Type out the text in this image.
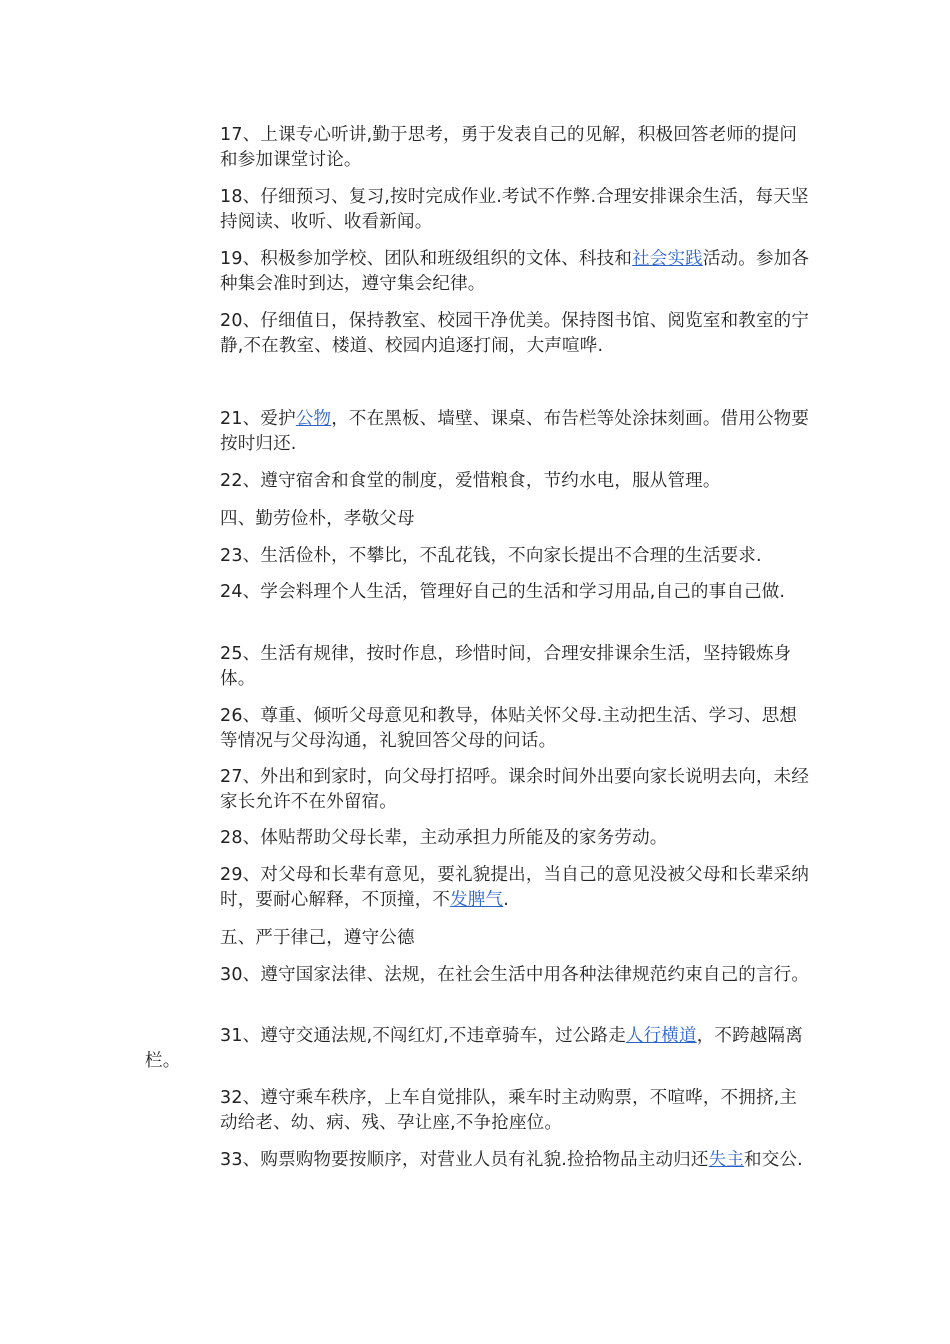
17、上课专心听讲,勤于思考，勇于发表自己的见解，积极回答老师的提问和参加课堂讨论。

18、仔细预习、复习,按时完成作业.考试不作弊.合理安排课余生活，每天坚持阅读、收听、收看新闻。

19、积极参加学校、团队和班级组织的文体、科技和社会实践活动。参加各种集会准时到达，遵守集会纪律。

20、仔细值日，保持教室、校园干净优美。保持图书馆、阅览室和教室的宁静,不在教室、楼道、校园内追逐打闹，大声喧哗.

21、爱护公物，不在黑板、墙壁、课桌、布告栏等处涂抹刻画。借用公物要按时归还.

22、遵守宿舍和食堂的制度，爱惜粮食，节约水电，服从管理。

四、勤劳俭朴，孝敬父母

23、生活俭朴，不攀比，不乱花钱，不向家长提出不合理的生活要求.

24、学会料理个人生活，管理好自己的生活和学习用品,自己的事自己做.

25、生活有规律，按时作息，珍惜时间，合理安排课余生活，坚持锻炼身体。

26、尊重、倾听父母意见和教导，体贴关怀父母.主动把生活、学习、思想等情况与父母沟通，礼貌回答父母的问话。

27、外出和到家时，向父母打招呼。课余时间外出要向家长说明去向，未经家长允许不在外留宿。

28、体贴帮助父母长辈，主动承担力所能及的家务劳动。

29、对父母和长辈有意见，要礼貌提出，当自己的意见没被父母和长辈采纳时，要耐心解释，不顶撞，不发脾气.

五、严于律己，遵守公德

30、遵守国家法律、法规，在社会生活中用各种法律规范约束自己的言行。

31、遵守交通法规,不闯红灯,不违章骑车，过公路走人行横道，不跨越隔离栏。

32、遵守乘车秩序，上车自觉排队，乘车时主动购票，不喧哗，不拥挤,主动给老、幼、病、残、孕让座,不争抢座位。

33、购票购物要按顺序，对营业人员有礼貌.捡拾物品主动归还失主和交公.
